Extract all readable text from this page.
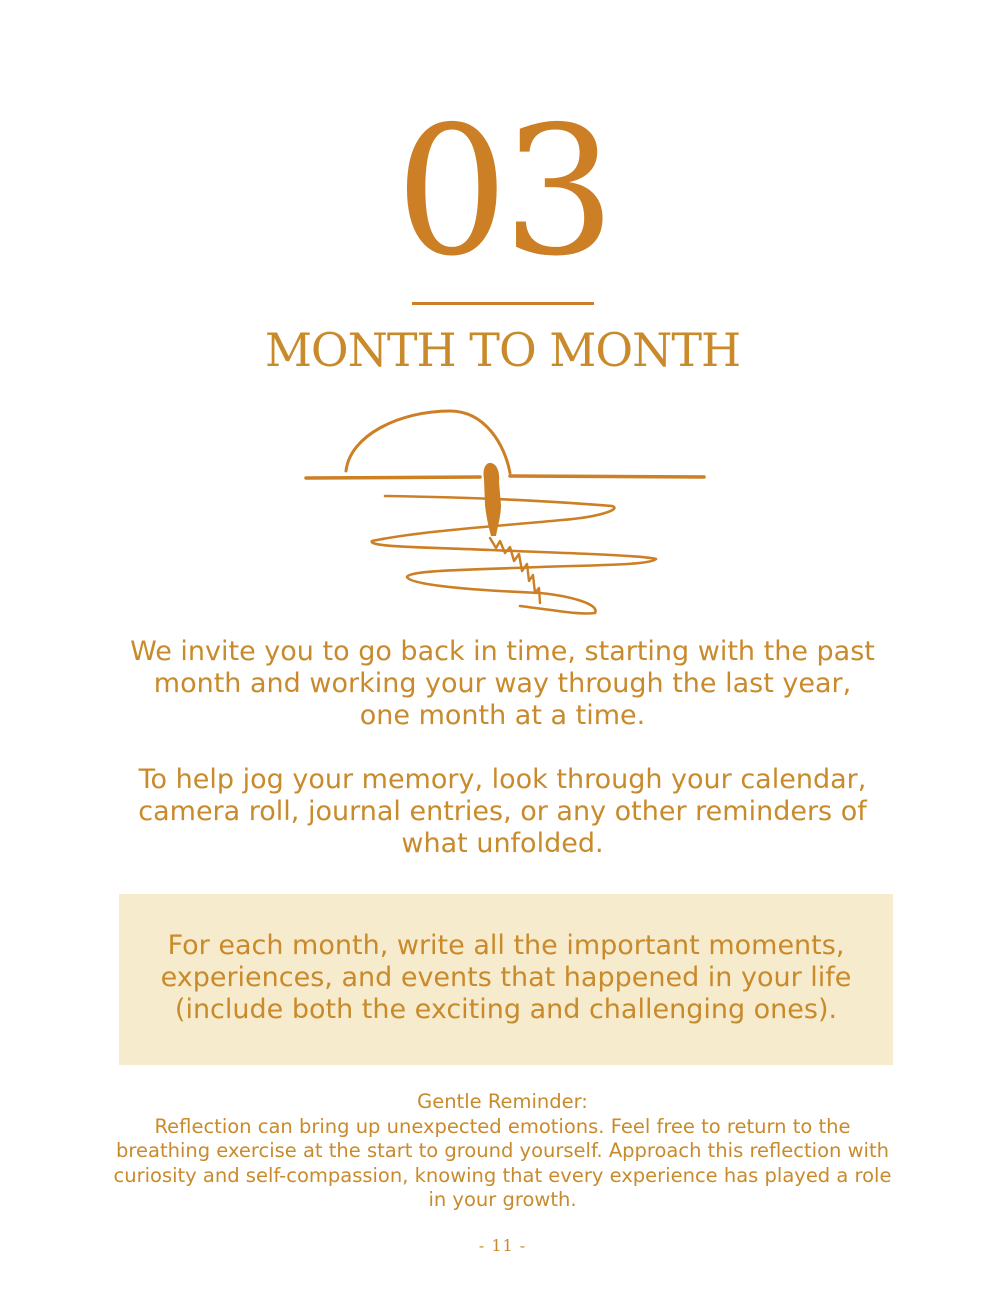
03
MONTH TO MONTH

We invite you to go back in time, starting with the past month and working your way through the last year, one month at a time.

To help jog your memory, look through your calendar, camera roll, journal entries, or any other reminders of what unfolded.

For each month, write all the important moments, experiences, and events that happened in your life (include both the exciting and challenging ones).

Gentle Reminder:

Reflection can bring up unexpected emotions. Feel free to return to the breathing exercise at the start to ground yourself. Approach this reflection with curiosity and self-compassion, knowing that every experience has played a role in your growth.

- 11 -
